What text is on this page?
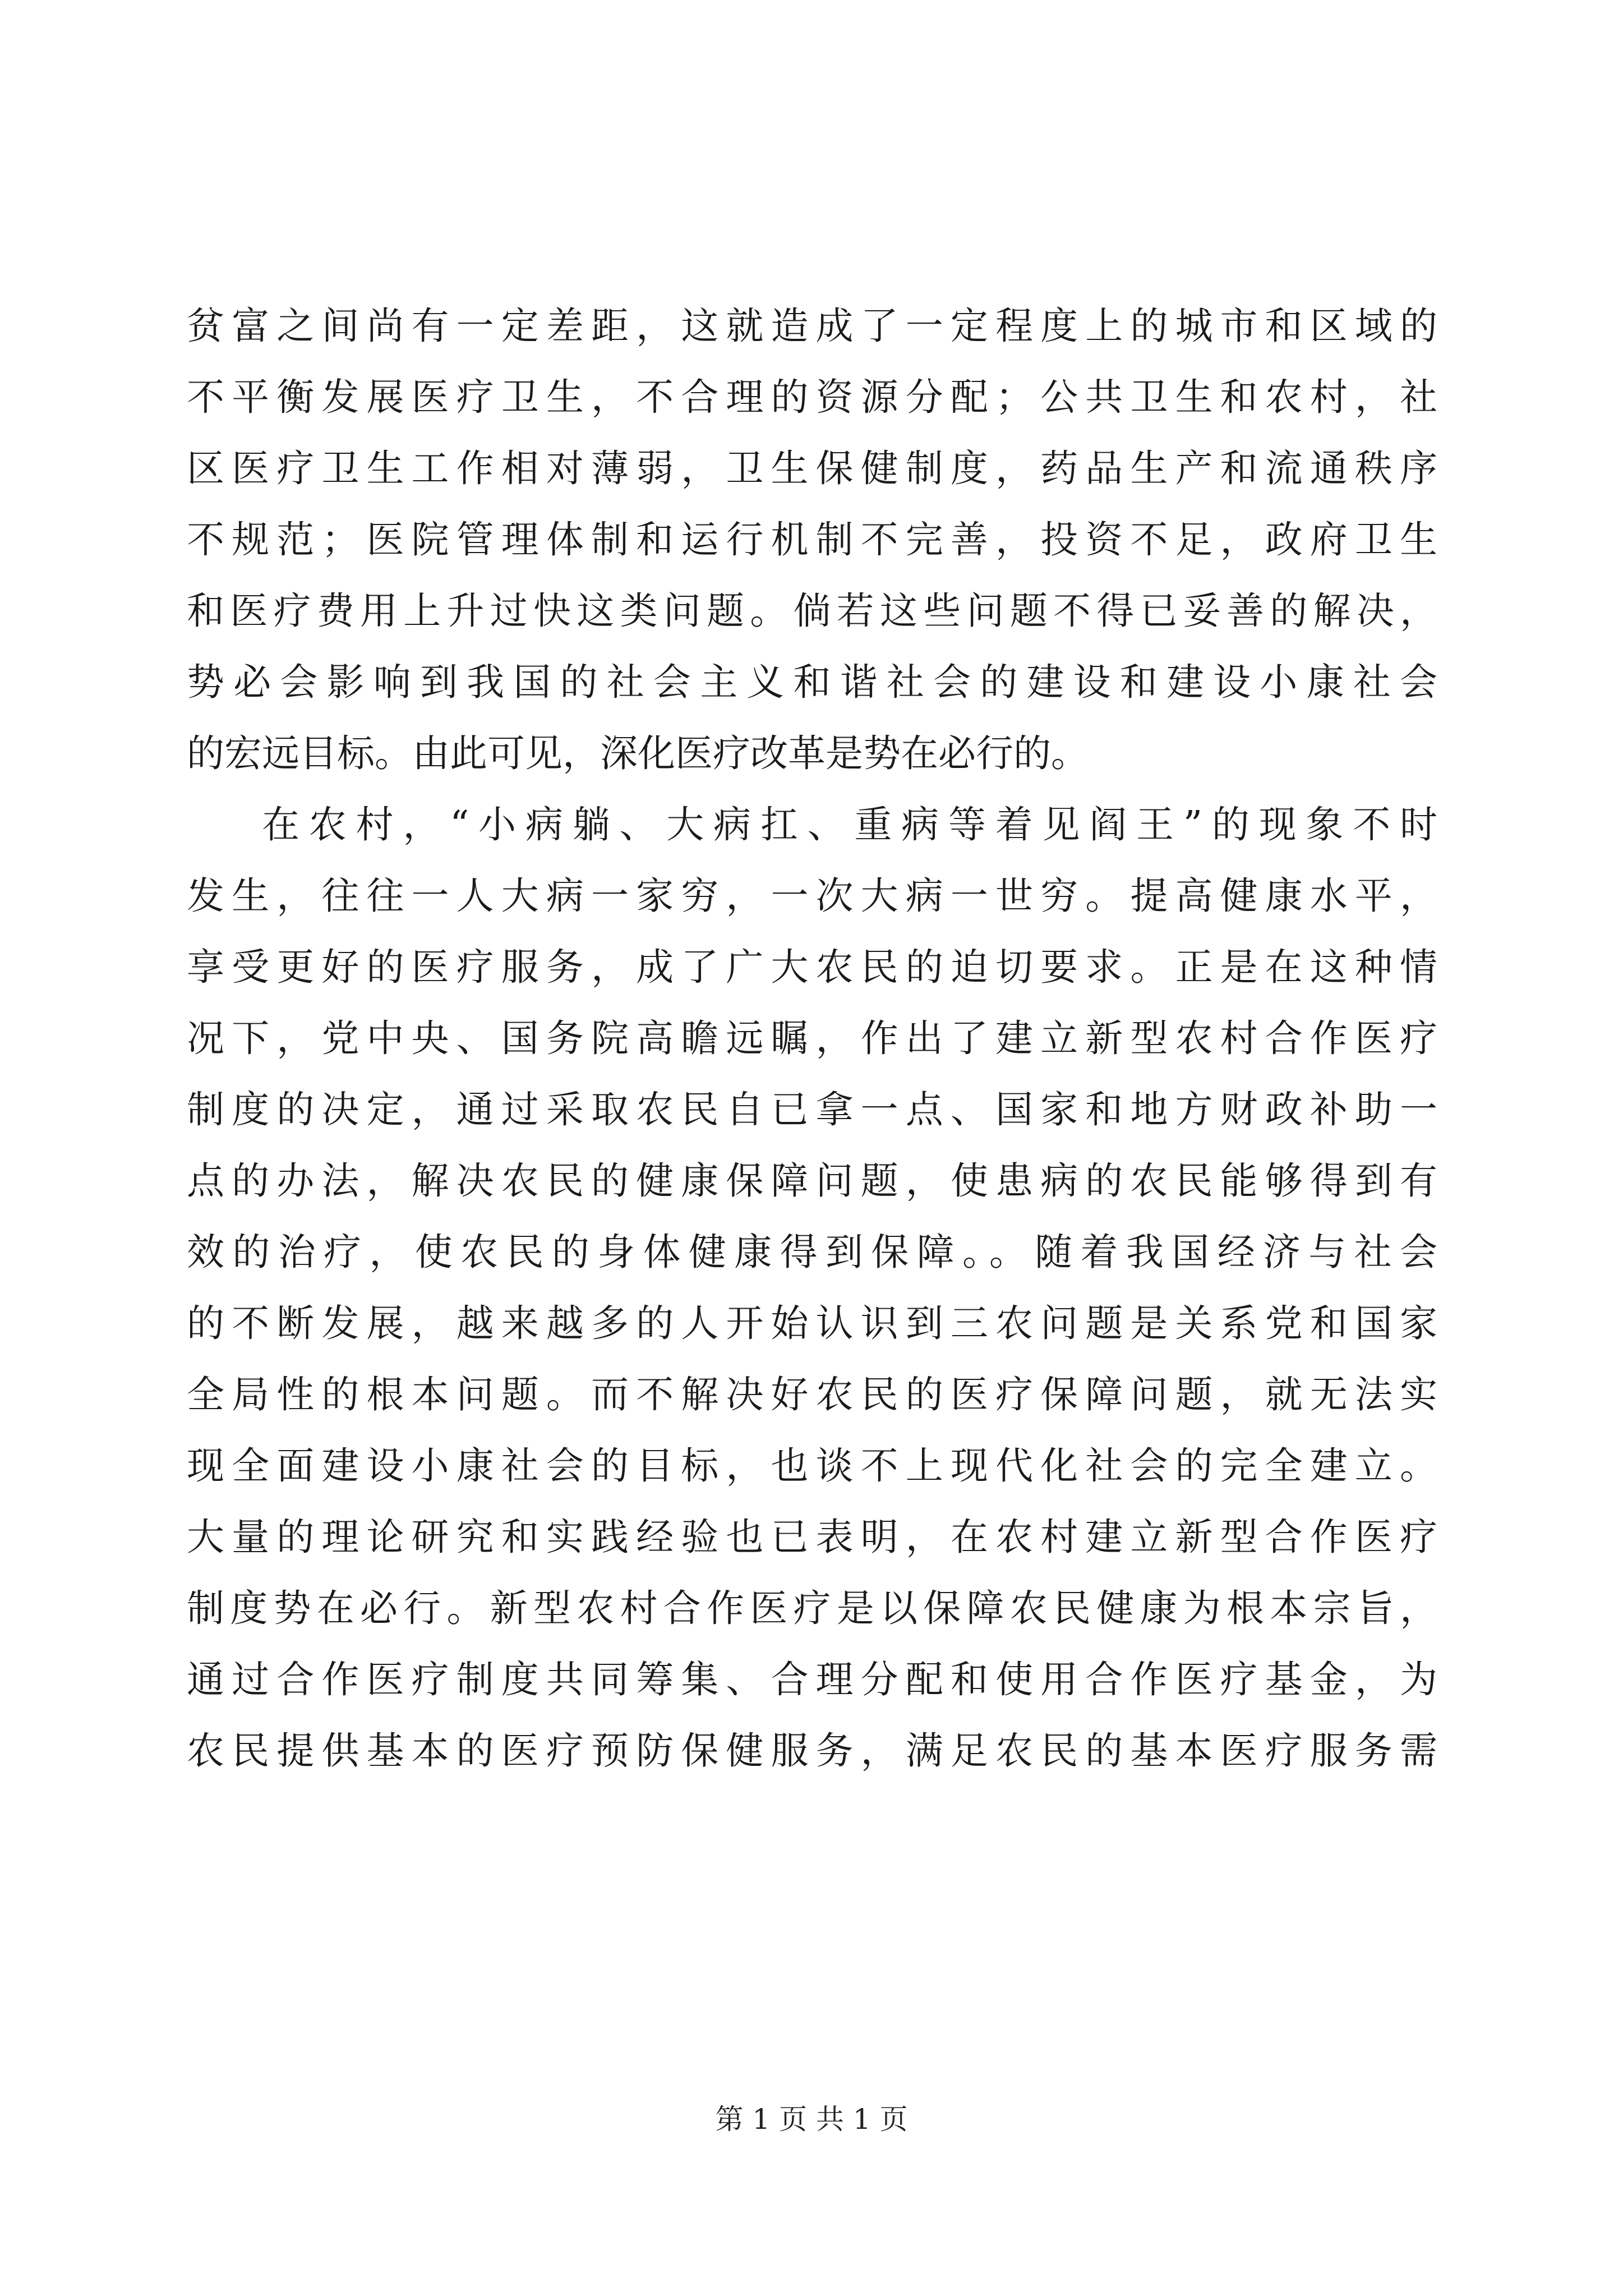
贫富之间尚有一定差距，这就造成了一定程度上的城市和区域的
不平衡发展医疗卫生，不合理的资源分配；公共卫生和农村，社
区医疗卫生工作相对薄弱，卫生保健制度，药品生产和流通秩序
不规范；医院管理体制和运行机制不完善，投资不足，政府卫生
和医疗费用上升过快这类问题。倘若这些问题不得已妥善的解决，
势必会影响到我国的社会主义和谐社会的建设和建设小康社会
的宏远目标。由此可见，深化医疗改革是势在必行的。
在农村，“小病躺、大病扛、重病等着见阎王”的现象不时
发生，往往一人大病一家穷，一次大病一世穷。提高健康水平，
享受更好的医疗服务，成了广大农民的迫切要求。正是在这种情
况下，党中央、国务院高瞻远瞩，作出了建立新型农村合作医疗
制度的决定，通过采取农民自已拿一点、国家和地方财政补助一
点的办法，解决农民的健康保障问题，使患病的农民能够得到有
效的治疗，使农民的身体健康得到保障。。随着我国经济与社会
的不断发展，越来越多的人开始认识到三农问题是关系党和国家
全局性的根本问题。而不解决好农民的医疗保障问题，就无法实
现全面建设小康社会的目标，也谈不上现代化社会的完全建立。
大量的理论研究和实践经验也已表明，在农村建立新型合作医疗
制度势在必行。新型农村合作医疗是以保障农民健康为根本宗旨，
通过合作医疗制度共同筹集、合理分配和使用合作医疗基金，为
农民提供基本的医疗预防保健服务，满足农民的基本医疗服务需
第 1 页 共 1 页
